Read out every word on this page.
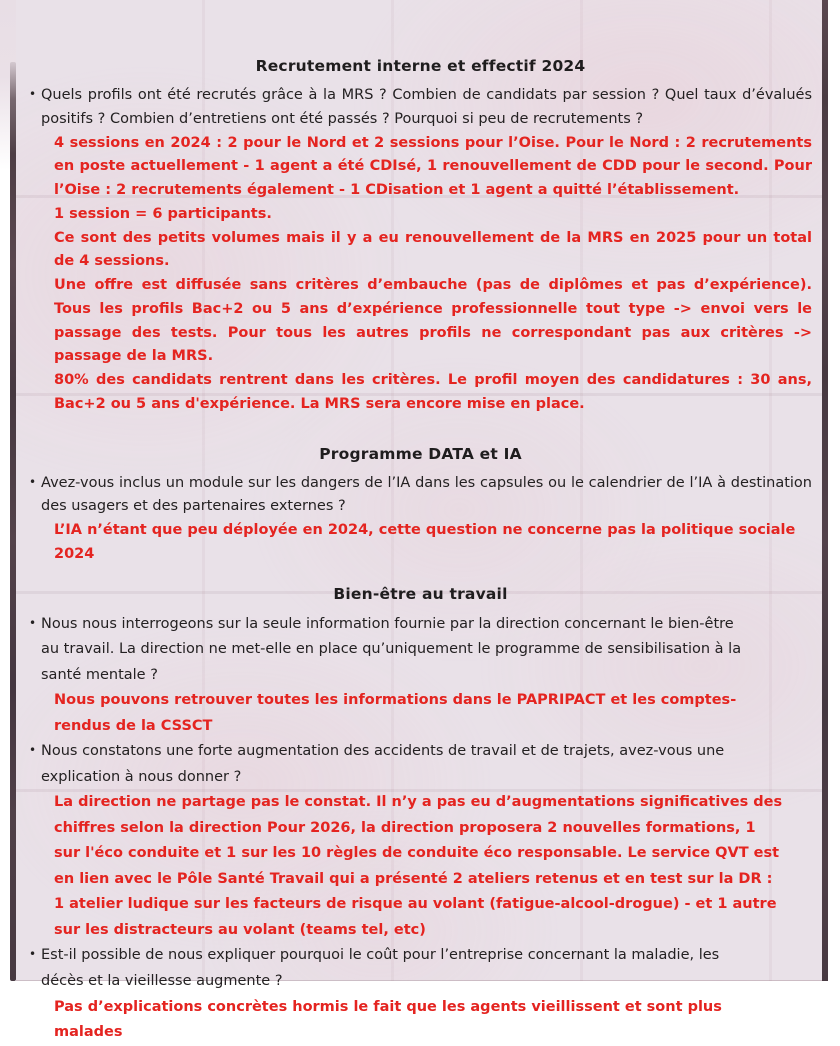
Recrutement interne et effectif 2024
• Quels profils ont été recrutés grâce à la MRS ? Combien de candidats par session ? Quel taux d’évalués positifs ? Combien d’entretiens ont été passés ? Pourquoi si peu de recrutements ?

4 sessions en 2024 : 2 pour le Nord et 2 sessions pour l’Oise. Pour le Nord : 2 recrutements en poste actuellement - 1 agent a été CDIsé, 1 renouvellement de CDD pour le second. Pour l’Oise : 2 recrutements également - 1 CDisation et 1 agent a quitté l’établissement.

1 session = 6 participants.

Ce sont des petits volumes mais il y a eu renouvellement de la MRS en 2025 pour un total de 4 sessions.

Une offre est diffusée sans critères d’embauche (pas de diplômes et pas d’expérience). Tous les profils Bac+2 ou 5 ans d’expérience professionnelle tout type -> envoi vers le passage des tests. Pour tous les autres profils ne correspondant pas aux critères -> passage de la MRS.

80% des candidats rentrent dans les critères. Le profil moyen des candidatures : 30 ans, Bac+2 ou 5 ans d'expérience. La MRS sera encore mise en place.

Programme DATA et IA
• Avez-vous inclus un module sur les dangers de l’IA dans les capsules ou le calendrier de l’IA à destination des usagers et des partenaires externes ?

L’IA n’étant que peu déployée en 2024, cette question ne concerne pas la politique sociale 2024

Bien-être au travail
• Nous nous interrogeons sur la seule information fournie par la direction concernant le bien-être au travail. La direction ne met-elle en place qu’uniquement le programme de sensibilisation à la santé mentale ?

Nous pouvons retrouver toutes les informations dans le PAPRIPACT et les comptes-rendus de la CSSCT

• Nous constatons une forte augmentation des accidents de travail et de trajets, avez-vous une explication à nous donner ?

La direction ne partage pas le constat. Il n’y a pas eu d’augmentations significatives des chiffres selon la direction Pour 2026, la direction proposera 2 nouvelles formations, 1 sur l'éco conduite et 1 sur les 10 règles de conduite éco responsable. Le service QVT est en lien avec le Pôle Santé Travail qui a présenté 2 ateliers retenus et en test sur la DR : 1 atelier ludique sur les facteurs de risque au volant (fatigue-alcool-drogue) - et 1 autre sur les distracteurs au volant (teams tel, etc)

• Est-il possible de nous expliquer pourquoi le coût pour l’entreprise concernant la maladie, les décès et la vieillesse augmente ?

Pas d’explications concrètes hormis le fait que les agents vieillissent et sont plus malades
